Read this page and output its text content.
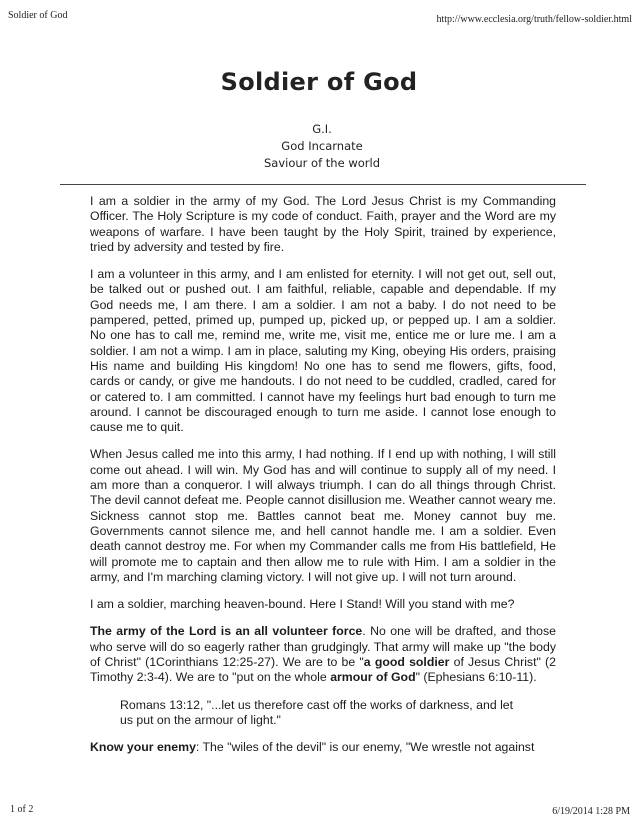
Soldier of God	http://www.ecclesia.org/truth/fellow-soldier.html
Soldier of God
G.I.
God Incarnate
Saviour of the world

I am a soldier in the army of my God. The Lord Jesus Christ is my Commanding Officer. The Holy Scripture is my code of conduct. Faith, prayer and the Word are my weapons of warfare. I have been taught by the Holy Spirit, trained by experience, tried by adversity and tested by fire.

I am a volunteer in this army, and I am enlisted for eternity. I will not get out, sell out, be talked out or pushed out. I am faithful, reliable, capable and dependable. If my God needs me, I am there. I am a soldier. I am not a baby. I do not need to be pampered, petted, primed up, pumped up, picked up, or pepped up. I am a soldier. No one has to call me, remind me, write me, visit me, entice me or lure me. I am a soldier. I am not a wimp. I am in place, saluting my King, obeying His orders, praising His name and building His kingdom! No one has to send me flowers, gifts, food, cards or candy, or give me handouts. I do not need to be cuddled, cradled, cared for or catered to. I am committed. I cannot have my feelings hurt bad enough to turn me around. I cannot be discouraged enough to turn me aside. I cannot lose enough to cause me to quit.

When Jesus called me into this army, I had nothing. If I end up with nothing, I will still come out ahead. I will win. My God has and will continue to supply all of my need. I am more than a conqueror. I will always triumph. I can do all things through Christ. The devil cannot defeat me. People cannot disillusion me. Weather cannot weary me. Sickness cannot stop me. Battles cannot beat me. Money cannot buy me. Governments cannot silence me, and hell cannot handle me. I am a soldier. Even death cannot destroy me. For when my Commander calls me from His battlefield, He will promote me to captain and then allow me to rule with Him. I am a soldier in the army, and I'm marching claming victory. I will not give up. I will not turn around.

I am a soldier, marching heaven-bound. Here I Stand! Will you stand with me?

The army of the Lord is an all volunteer force. No one will be drafted, and those who serve will do so eagerly rather than grudgingly. That army will make up "the body of Christ" (1Corinthians 12:25-27). We are to be "a good soldier of Jesus Christ" (2 Timothy 2:3-4). We are to "put on the whole armour of God" (Ephesians 6:10-11).

Romans 13:12, "...let us therefore cast off the works of darkness, and let us put on the armour of light."

Know your enemy: The "wiles of the devil" is our enemy, "We wrestle not against

1 of 2	6/19/2014 1:28 PM
